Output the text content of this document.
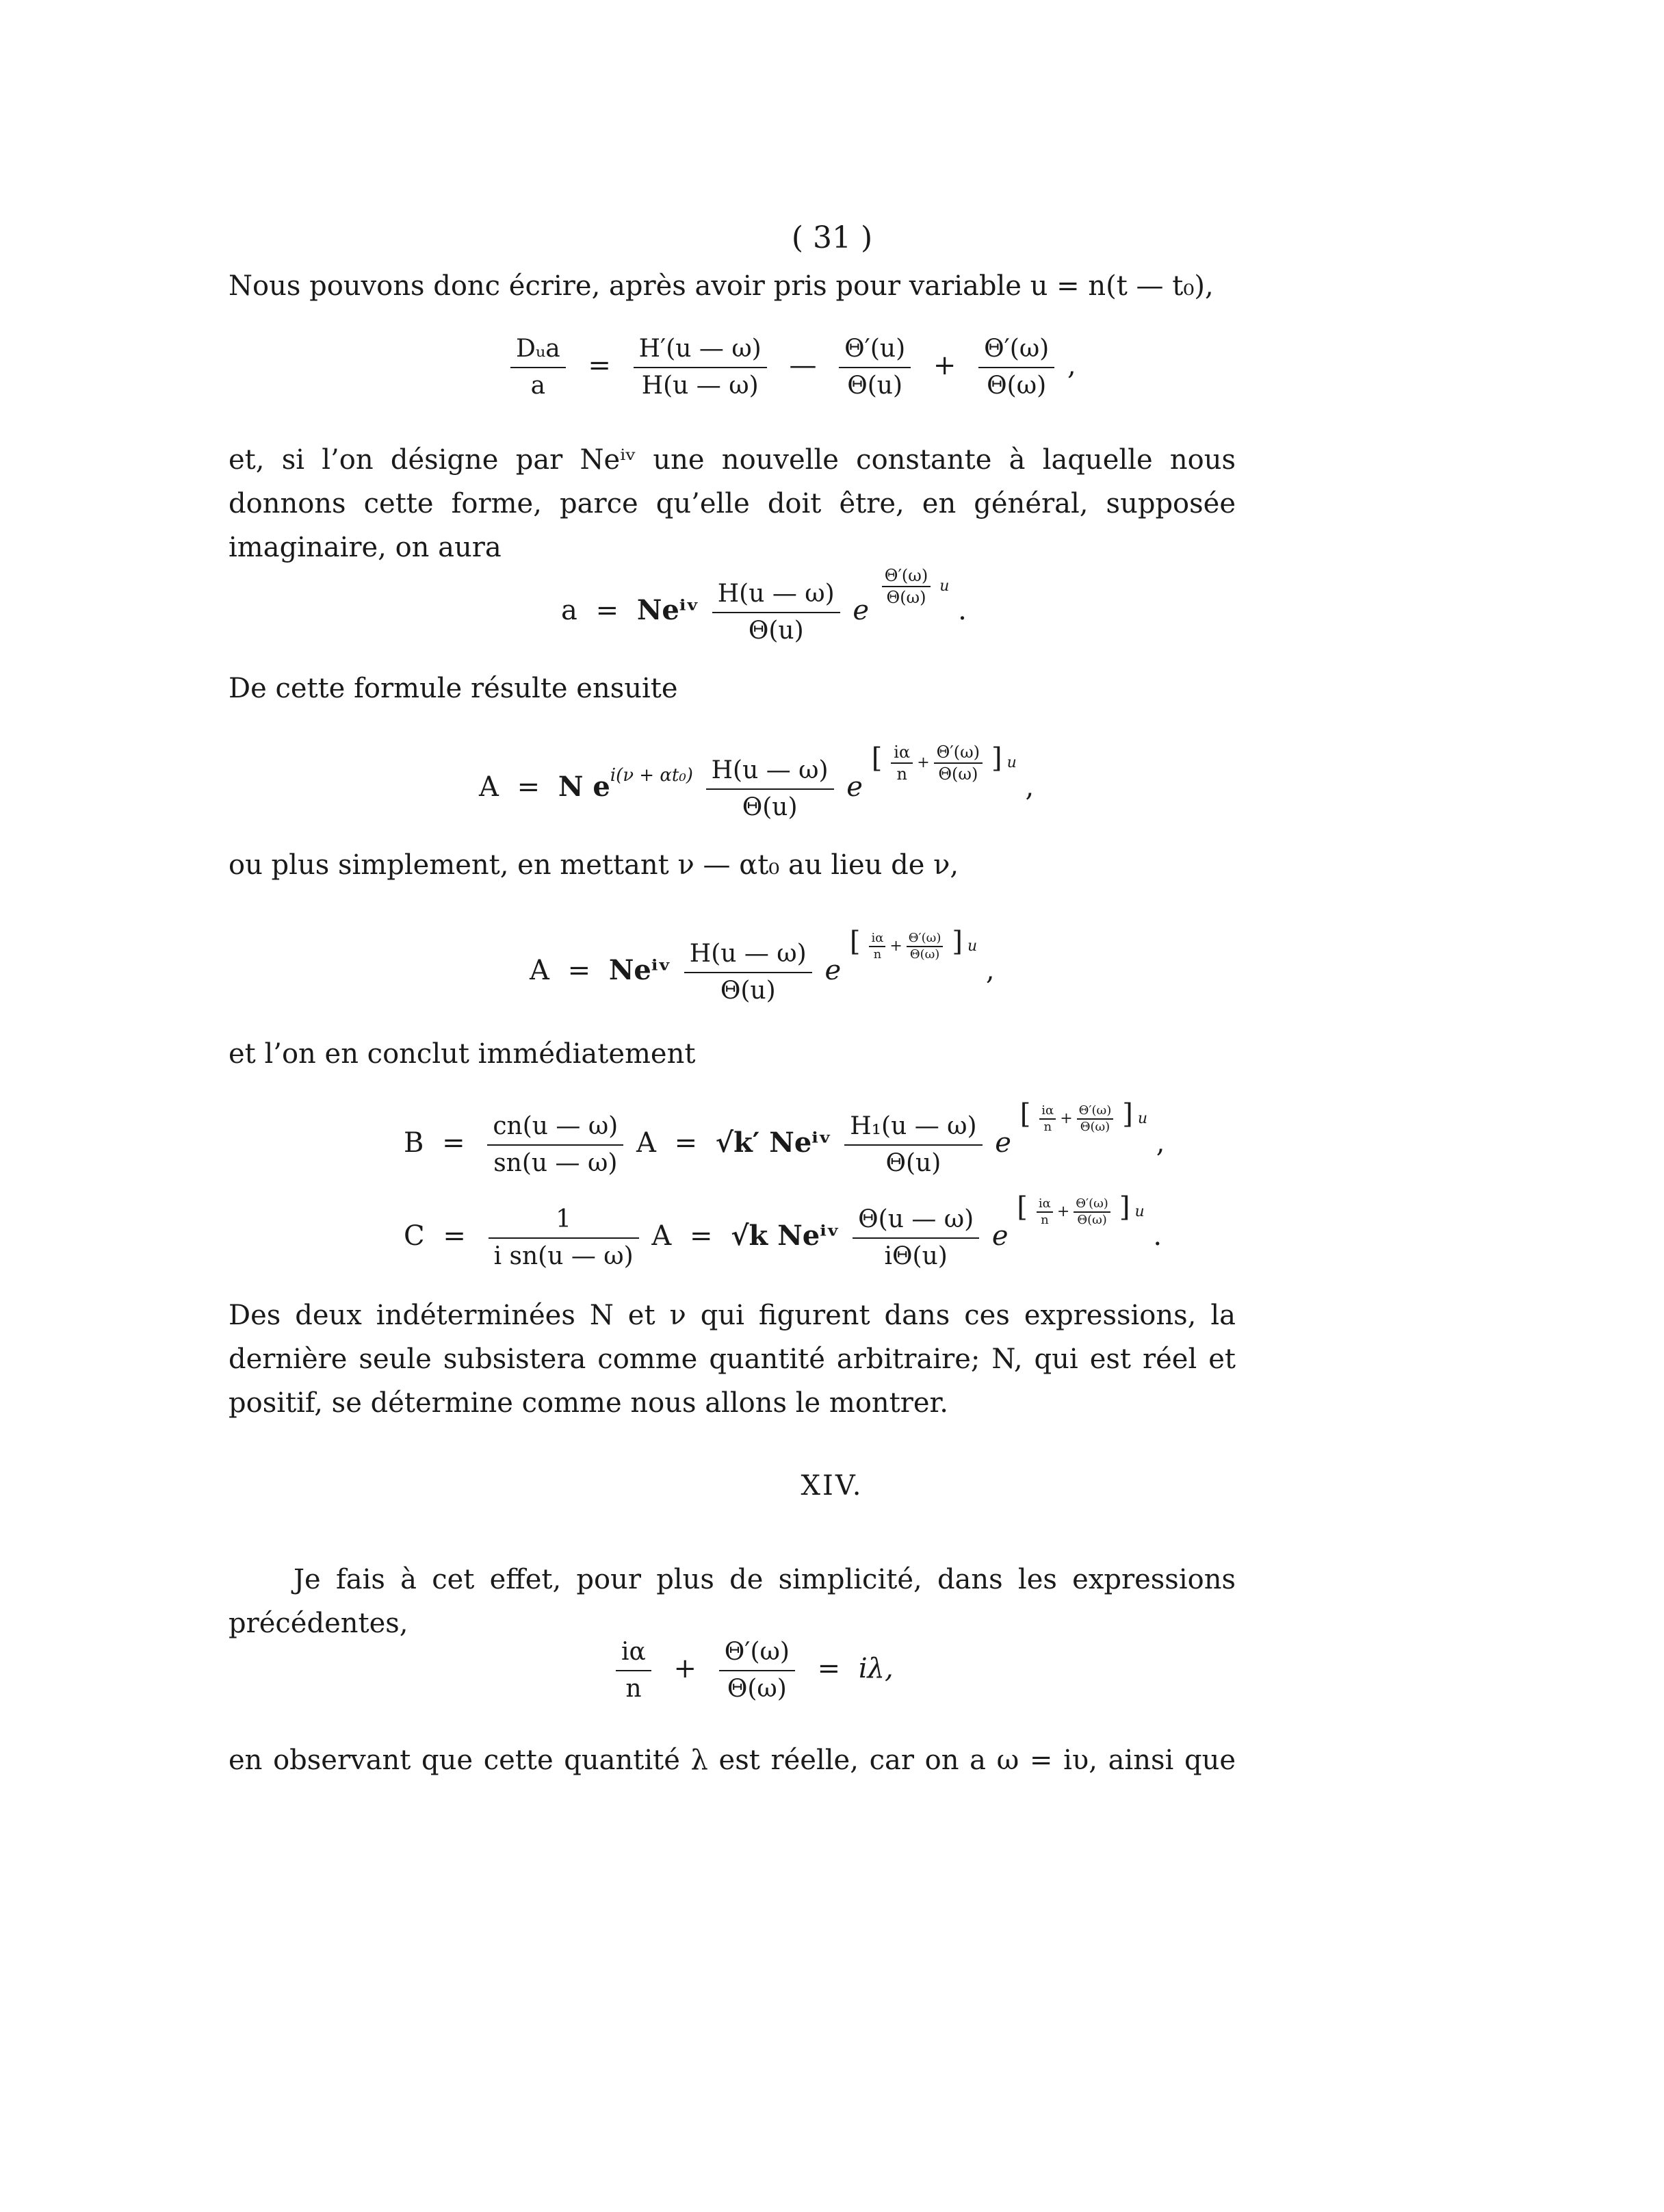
( 31 )
Nous pouvons donc écrire, après avoir pris pour variable u = n(t — t₀),
$\frac{\text{Dᵤa}}{a} = \frac{H'(u — \omega)}{H(u — \omega)}$ — $\frac{\Theta'(u)}{\Theta(u)} + \frac{\Theta'(\omega)}{\Theta(\omega)}$ ,
et, si l’on désigne par Neⁱᵛ une nouvelle constante à laquelle nous donnons cette forme, parce qu’elle doit être, en général, supposée imaginaire, on aura
a = Neⁱᵛ $\frac{H(u — \omega)}{\Theta(u)}$ e
$\frac{\Theta'(\omega)}{\Theta(\omega)}$ u .
De cette formule résulte ensuite
A = N $e^{i(\nu + \alpha t_0)} \frac{H(u — \omega)}{\Theta(u)}$ e [ $\frac{i\alpha}{n} + \frac{\Theta'(\omega)}{\Theta(\omega)}$ ] u ,
ou plus simplement, en mettant ν — αt₀ au lieu de ν,
A = Neⁱᵛ $\frac{H(u — \omega)}{\Theta(u)}$ e [ $\frac{i\alpha}{n} + \frac{\Theta'(\omega)}{\Theta(\omega)}$ ] u ,
et l’on en conclut immédiatement
$B = \frac{cn(u — \omega)}{sn(u — \omega)}$ A = √k′ Neⁱᵛ $\frac{\text{H₁(u — ω)}}{\Theta(u)}$ e [ $\frac{i\alpha}{n} + \frac{\Theta'(\omega)}{\Theta(\omega)}$ ] u ,
$C = \frac{1}{\text{i sn(u — ω)}}$ A = √k Neⁱᵛ $\frac{\Theta(u — \omega)}{i\Theta(u)}$ e [ $\frac{i\alpha}{n} + \frac{\Theta'(\omega)}{\Theta(\omega)}$ ] u .
Des deux indéterminées N et ν qui figurent dans ces expressions, la dernière seule subsistera comme quantité arbitraire; N, qui est réel et positif, se détermine comme nous allons le montrer.
XIV.
Je fais à cet effet, pour plus de simplicité, dans les expressions précédentes,
$\frac{i\alpha}{n} + \frac{\Theta'(\omega)}{\Theta(\omega)} = i\lambda$,
en observant que cette quantité λ est réelle, car on a ω = iυ, ainsi que
